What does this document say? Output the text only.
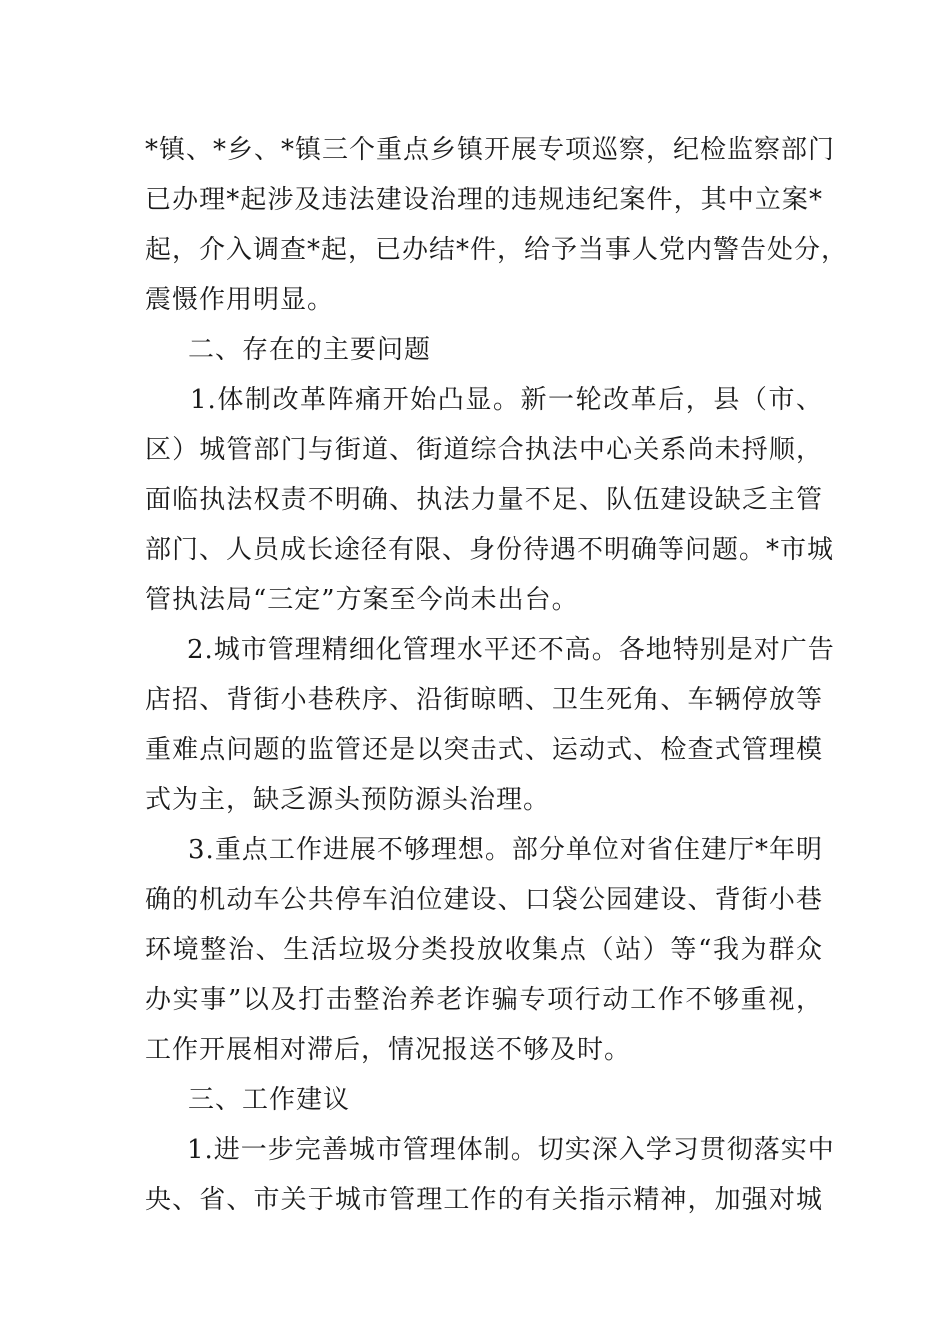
*镇、*乡、*镇三个重点乡镇开展专项巡察，纪检监察部门
已办理*起涉及违法建设治理的违规违纪案件，其中立案*
起，介入调查*起，已办结*件，给予当事人党内警告处分，
震慑作用明显。
二、存在的主要问题
1.体制改革阵痛开始凸显。新一轮改革后，县（市、
区）城管部门与街道、街道综合执法中心关系尚未捋顺，
面临执法权责不明确、执法力量不足、队伍建设缺乏主管
部门、人员成长途径有限、身份待遇不明确等问题。*市城
管执法局“三定”方案至今尚未出台。
2.城市管理精细化管理水平还不高。各地特别是对广告
店招、背街小巷秩序、沿街晾晒、卫生死角、车辆停放等
重难点问题的监管还是以突击式、运动式、检查式管理模
式为主，缺乏源头预防源头治理。
3.重点工作进展不够理想。部分单位对省住建厅*年明
确的机动车公共停车泊位建设、口袋公园建设、背街小巷
环境整治、生活垃圾分类投放收集点（站）等“我为群众
办实事”以及打击整治养老诈骗专项行动工作不够重视，
工作开展相对滞后，情况报送不够及时。
三、工作建议
1.进一步完善城市管理体制。切实深入学习贯彻落实中
央、省、市关于城市管理工作的有关指示精神，加强对城
